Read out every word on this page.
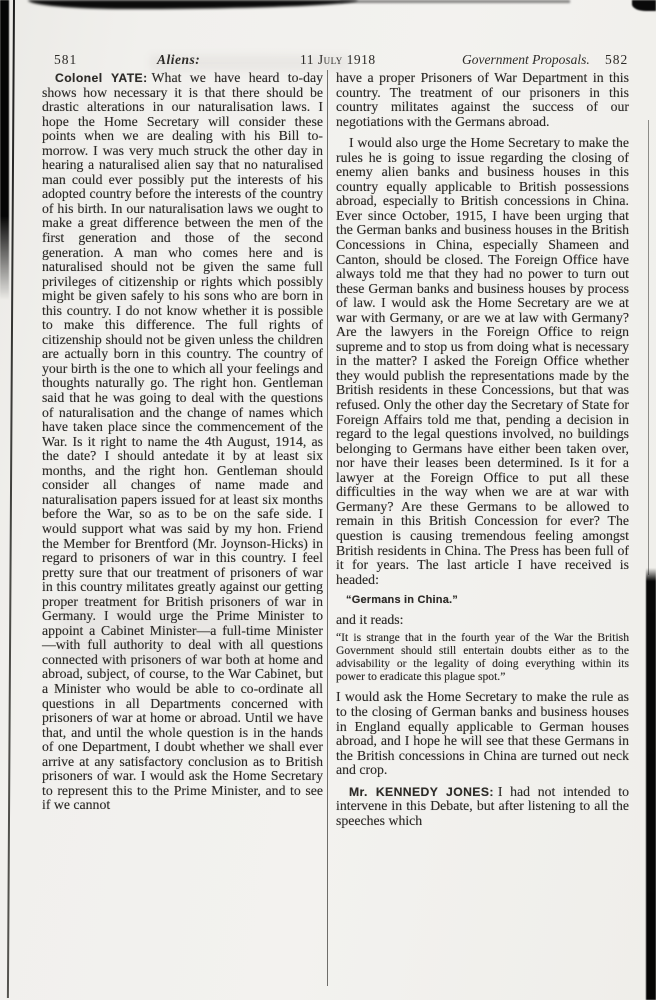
581	Aliens:	11 July 1918	Government Proposals. 582

Colonel YATE: What we have heard to-day shows how necessary it is that there should be drastic alterations in our naturalisation laws. I hope the Home Secretary will consider these points when we are dealing with his Bill to-morrow. I was very much struck the other day in hearing a naturalised alien say that no naturalised man could ever possibly put the interests of his adopted country before the interests of the country of his birth. In our naturalisation laws we ought to make a great difference between the men of the first generation and those of the second generation. A man who comes here and is naturalised should not be given the same full privileges of citizenship or rights which possibly might be given safely to his sons who are born in this country. I do not know whether it is possible to make this difference. The full rights of citizenship should not be given unless the children are actually born in this country. The country of your birth is the one to which all your feelings and thoughts naturally go. The right hon. Gentleman said that he was going to deal with the questions of naturalisation and the change of names which have taken place since the commencement of the War. Is it right to name the 4th August, 1914, as the date? I should antedate it by at least six months, and the right hon. Gentleman should consider all changes of name made and naturalisation papers issued for at least six months before the War, so as to be on the safe side. I would support what was said by my hon. Friend the Member for Brentford (Mr. Joynson-Hicks) in regard to prisoners of war in this country. I feel pretty sure that our treatment of prisoners of war in this country militates greatly against our getting proper treatment for British prisoners of war in Germany. I would urge the Prime Minister to appoint a Cabinet Minister—a full-time Minister—with full authority to deal with all questions connected with prisoners of war both at home and abroad, subject, of course, to the War Cabinet, but a Minister who would be able to co-ordinate all questions in all Departments concerned with prisoners of war at home or abroad. Until we have that, and until the whole question is in the hands of one Department, I doubt whether we shall ever arrive at any satisfactory conclusion as to British prisoners of war. I would ask the Home Secretary to represent this to the Prime Minister, and to see if we cannot

have a proper Prisoners of War Department in this country. The treatment of our prisoners in this country militates against the success of our negotiations with the Germans abroad.

I would also urge the Home Secretary to make the rules he is going to issue regarding the closing of enemy alien banks and business houses in this country equally applicable to British possessions abroad, especially to British concessions in China. Ever since October, 1915, I have been urging that the German banks and business houses in the British Concessions in China, especially Shameen and Canton, should be closed. The Foreign Office have always told me that they had no power to turn out these German banks and business houses by process of law. I would ask the Home Secretary are we at war with Germany, or are we at law with Germany? Are the lawyers in the Foreign Office to reign supreme and to stop us from doing what is necessary in the matter? I asked the Foreign Office whether they would publish the representations made by the British residents in these Concessions, but that was refused. Only the other day the Secretary of State for Foreign Affairs told me that, pending a decision in regard to the legal questions involved, no buildings belonging to Germans have either been taken over, nor have their leases been determined. Is it for a lawyer at the Foreign Office to put all these difficulties in the way when we are at war with Germany? Are these Germans to be allowed to remain in this British Concession for ever? The question is causing tremendous feeling amongst British residents in China. The Press has been full of it for years. The last article I have received is headed:

“Germans in China.”

and it reads:

“It is strange that in the fourth year of the War the British Government should still entertain doubts either as to the advisability or the legality of doing everything within its power to eradicate this plague spot.”

I would ask the Home Secretary to make the rule as to the closing of German banks and business houses in England equally applicable to German houses abroad, and I hope he will see that these Germans in the British concessions in China are turned out neck and crop.

Mr. KENNEDY JONES: I had not intended to intervene in this Debate, but after listening to all the speeches which
